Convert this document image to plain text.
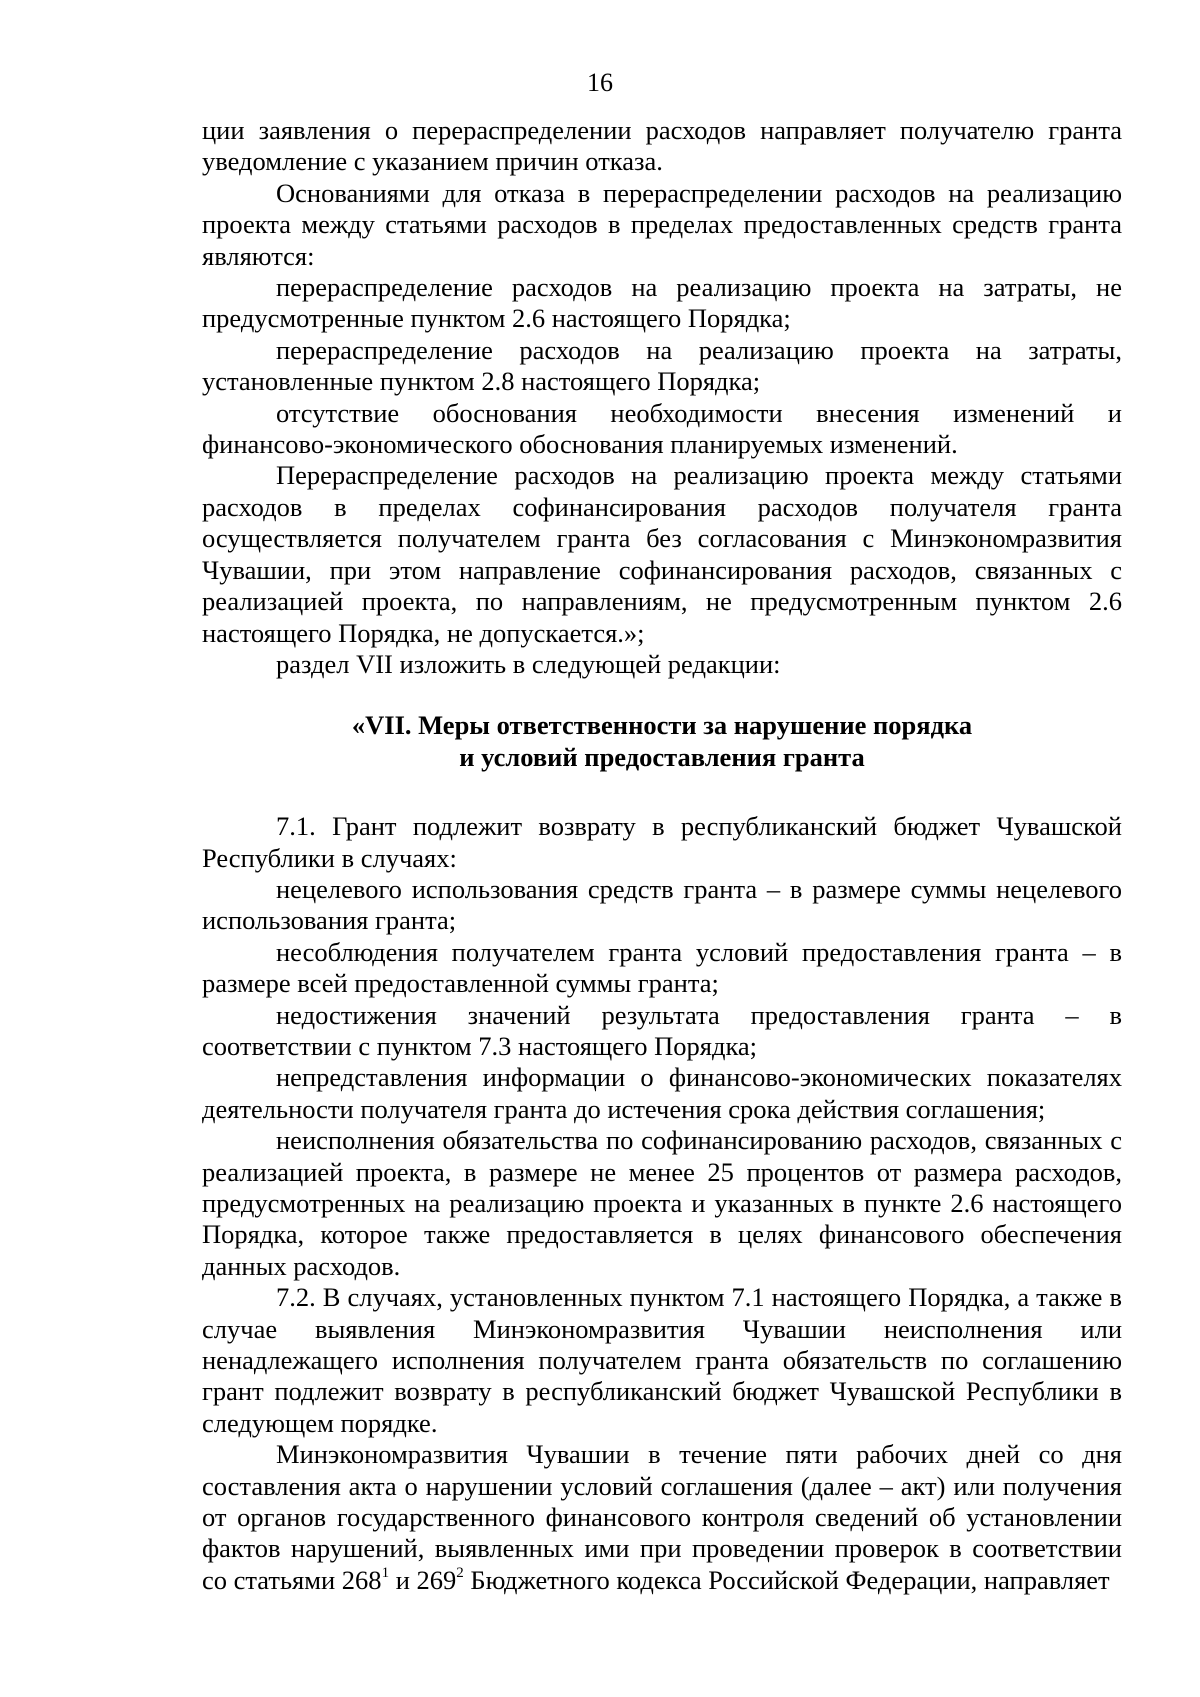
16

ции заявления о перераспределении расходов направляет получателю гранта уведомление с указанием причин отказа.

Основаниями для отказа в перераспределении расходов на реализацию проекта между статьями расходов в пределах предоставленных средств гранта являются:

перераспределение расходов на реализацию проекта на затраты, не предусмотренные пунктом 2.6 настоящего Порядка;

перераспределение расходов на реализацию проекта на затраты, установленные пунктом 2.8 настоящего Порядка;

отсутствие обоснования необходимости внесения изменений и финансово-экономического обоснования планируемых изменений.

Перераспределение расходов на реализацию проекта между статьями расходов в пределах софинансирования расходов получателя гранта осуществляется получателем гранта без согласования с Минэкономразвития Чувашии, при этом направление софинансирования расходов, связанных с реализацией проекта, по направлениям, не предусмотренным пунктом 2.6 настоящего Порядка, не допускается.»;

раздел VII изложить в следующей редакции:

«VII. Меры ответственности за нарушение порядка
и условий предоставления гранта

7.1. Грант подлежит возврату в республиканский бюджет Чувашской Республики в случаях:

нецелевого использования средств гранта – в размере суммы нецелевого использования гранта;

несоблюдения получателем гранта условий предоставления гранта – в размере всей предоставленной суммы гранта;

недостижения значений результата предоставления гранта – в соответствии с пунктом 7.3 настоящего Порядка;

непредставления информации о финансово-экономических показателях деятельности получателя гранта до истечения срока действия соглашения;

неисполнения обязательства по софинансированию расходов, связанных с реализацией проекта, в размере не менее 25 процентов от размера расходов, предусмотренных на реализацию проекта и указанных в пункте 2.6 настоящего Порядка, которое также предоставляется в целях финансового обеспечения данных расходов.

7.2. В случаях, установленных пунктом 7.1 настоящего Порядка, а также в случае выявления Минэкономразвития Чувашии неисполнения или ненадлежащего исполнения получателем гранта обязательств по соглашению грант подлежит возврату в республиканский бюджет Чувашской Республики в следующем порядке.

Минэкономразвития Чувашии в течение пяти рабочих дней со дня составления акта о нарушении условий соглашения (далее – акт) или получения от органов государственного финансового контроля сведений об установлении фактов нарушений, выявленных ими при проведении проверок в соответствии со статьями $268^1$ и $269^2$ Бюджетного кодекса Российской Федерации, направляет
